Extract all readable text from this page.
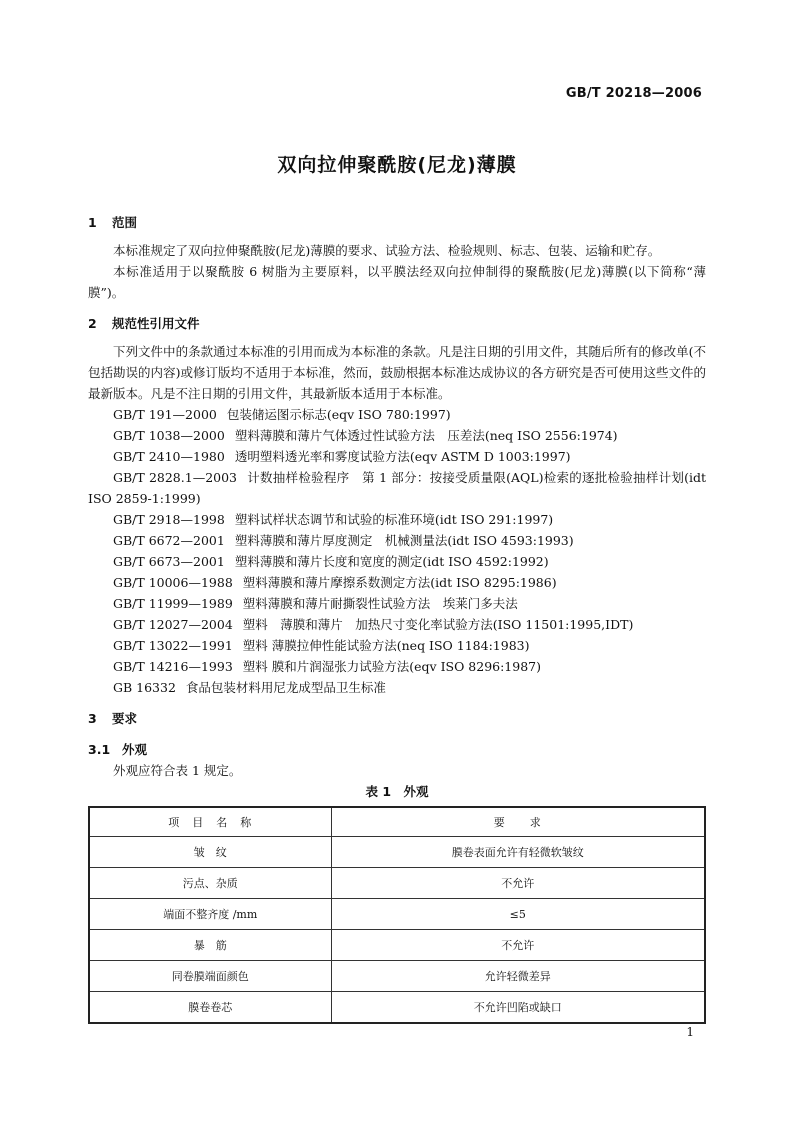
GB/T 20218—2006
双向拉伸聚酰胺(尼龙)薄膜
1 范围

本标准规定了双向拉伸聚酰胺(尼龙)薄膜的要求、试验方法、检验规则、标志、包装、运输和贮存。

本标准适用于以聚酰胺 6 树脂为主要原料，以平膜法经双向拉伸制得的聚酰胺(尼龙)薄膜(以下简称“薄膜”)。

2 规范性引用文件

下列文件中的条款通过本标准的引用而成为本标准的条款。凡是注日期的引用文件，其随后所有的修改单(不包括勘误的内容)或修订版均不适用于本标准，然而，鼓励根据本标准达成协议的各方研究是否可使用这些文件的最新版本。凡是不注日期的引用文件，其最新版本适用于本标准。

GB/T 191—2000 包装储运图示标志(eqv ISO 780:1997)

GB/T 1038—2000 塑料薄膜和薄片气体透过性试验方法　压差法(neq ISO 2556:1974)

GB/T 2410—1980 透明塑料透光率和雾度试验方法(eqv ASTM D 1003:1997)

GB/T 2828.1—2003 计数抽样检验程序　第 1 部分：按接受质量限(AQL)检索的逐批检验抽样计划(idt ISO 2859-1:1999)

GB/T 2918—1998 塑料试样状态调节和试验的标准环境(idt ISO 291:1997)

GB/T 6672—2001 塑料薄膜和薄片厚度测定　机械测量法(idt ISO 4593:1993)

GB/T 6673—2001 塑料薄膜和薄片长度和宽度的测定(idt ISO 4592:1992)

GB/T 10006—1988 塑料薄膜和薄片摩擦系数测定方法(idt ISO 8295:1986)

GB/T 11999—1989 塑料薄膜和薄片耐撕裂性试验方法　埃莱门多夫法

GB/T 12027—2004 塑料　薄膜和薄片　加热尺寸变化率试验方法(ISO 11501:1995,IDT)

GB/T 13022—1991 塑料 薄膜拉伸性能试验方法(neq ISO 1184:1983)

GB/T 14216—1993 塑料 膜和片润湿张力试验方法(eqv ISO 8296:1987)

GB 16332 食品包装材料用尼龙成型品卫生标准

3 要求
3.1 外观

外观应符合表 1 规定。

表 1　外观
项　目　名　称	要　　求
皱　纹	膜卷表面允许有轻微软皱纹
污点、杂质	不允许
端面不整齐度 /mm	≤5
暴　筋	不允许
同卷膜端面颜色	允许轻微差异
膜卷卷芯	不允许凹陷或缺口
1
